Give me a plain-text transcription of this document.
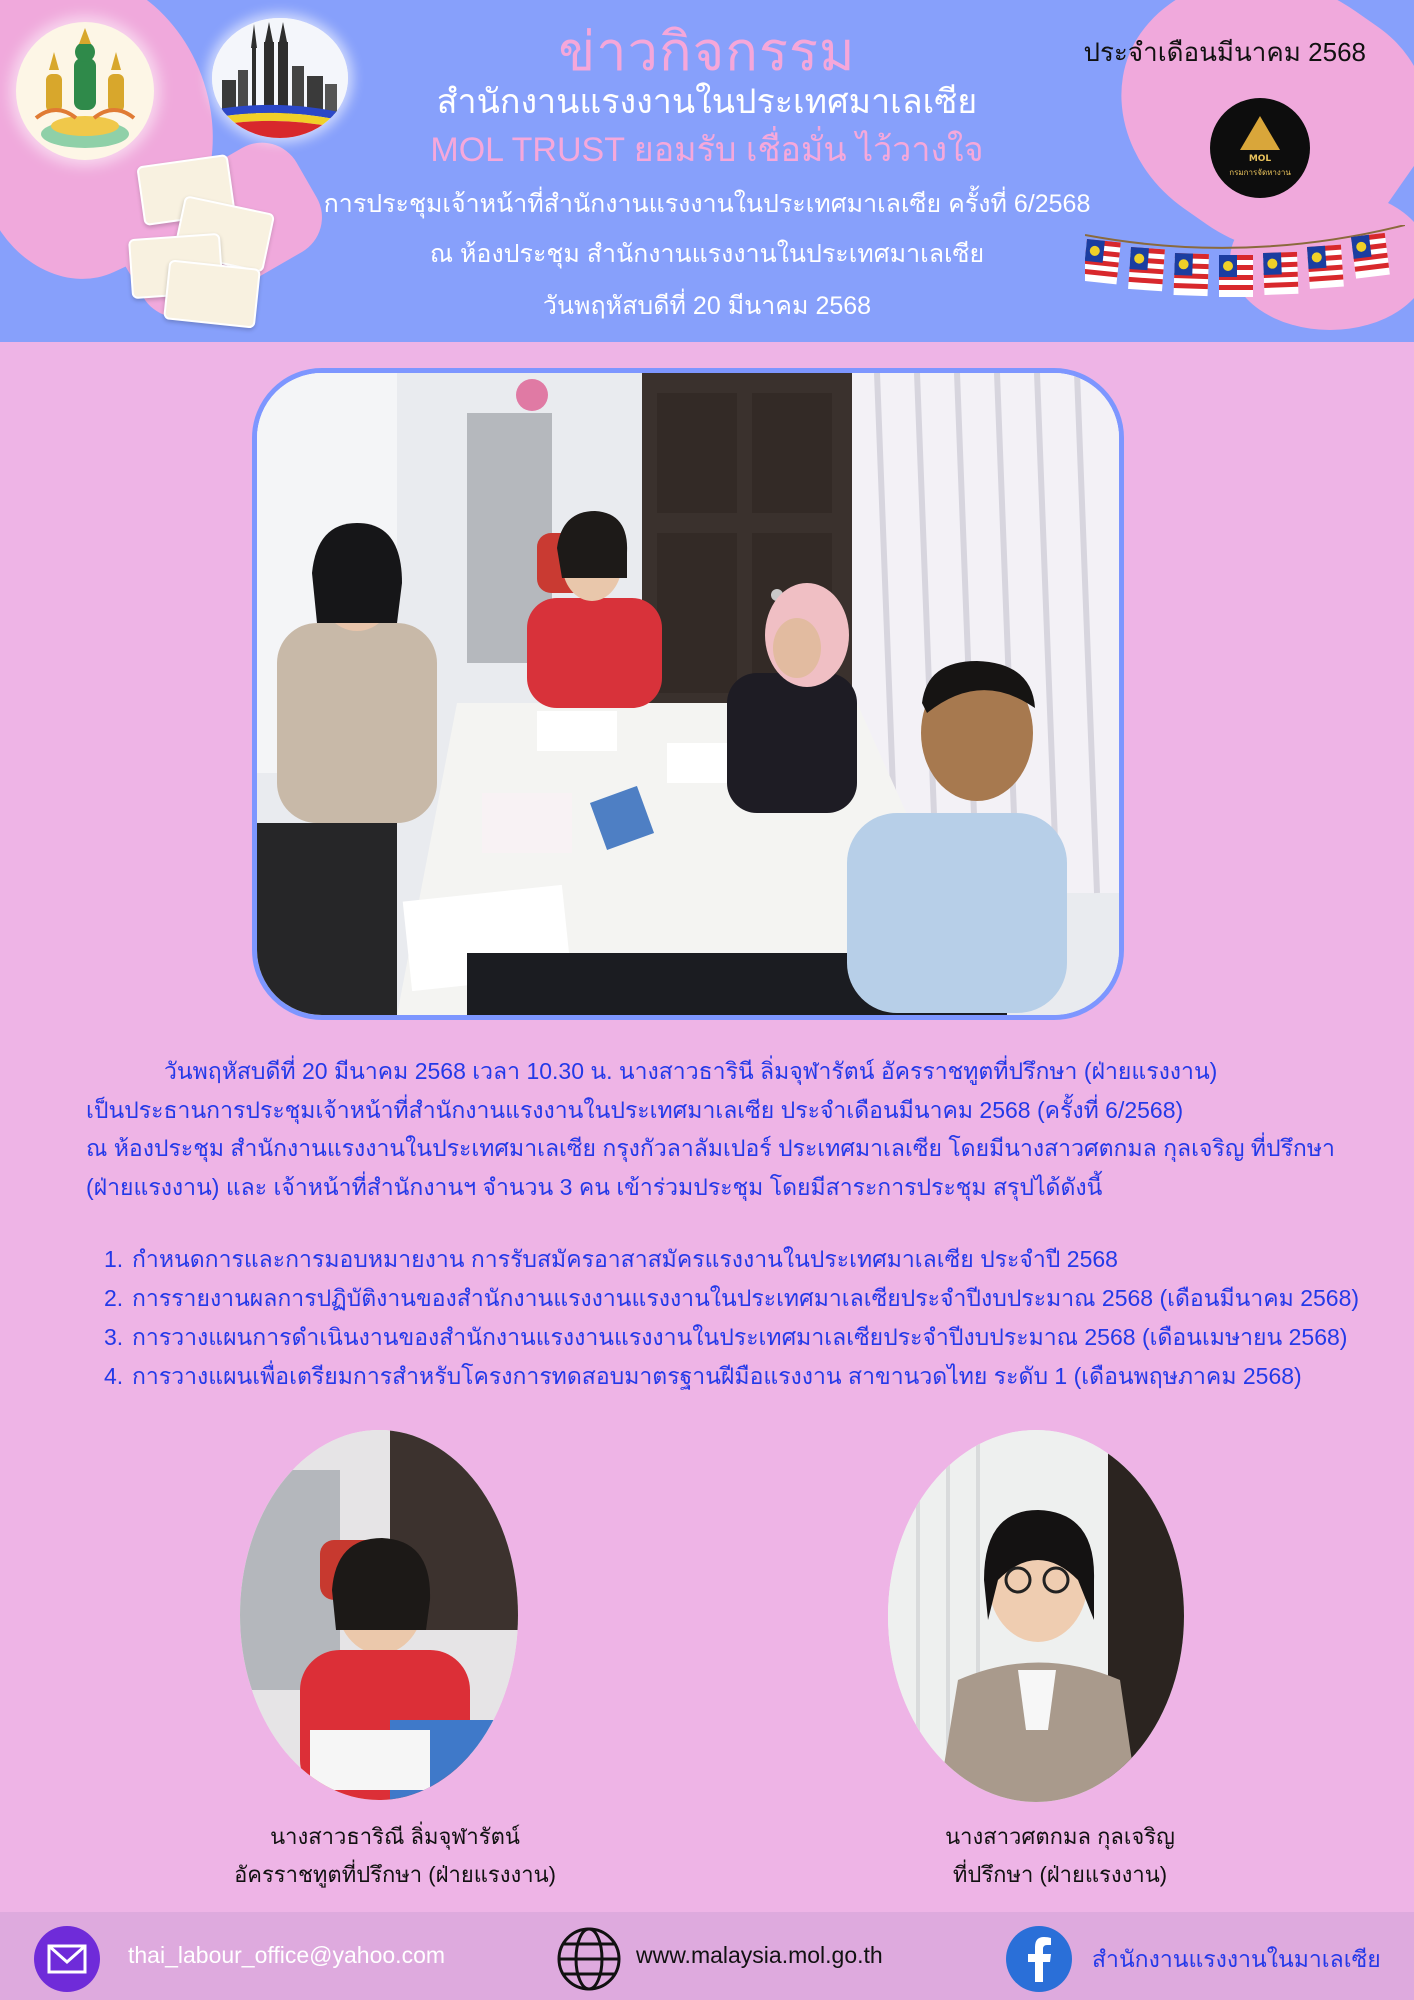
MOL
กรมการจัดหางาน
ข่าวกิจกรรม
สำนักงานแรงงานในประเทศมาเลเซีย
MOL TRUST ยอมรับ เชื่อมั่น ไว้วางใจ
การประชุมเจ้าหน้าที่สำนักงานแรงงานในประเทศมาเลเซีย ครั้งที่ 6/2568
ณ ห้องประชุม สำนักงานแรงงานในประเทศมาเลเซีย
วันพฤหัสบดีที่ 20 มีนาคม 2568
ประจำเดือนมีนาคม 2568

วันพฤหัสบดีที่ 20 มีนาคม 2568 เวลา 10.30 น. นางสาวธารินี ลิ่มจุฬารัตน์ อัครราชทูตที่ปรึกษา (ฝ่ายแรงงาน)

เป็นประธานการประชุมเจ้าหน้าที่สำนักงานแรงงานในประเทศมาเลเซีย ประจำเดือนมีนาคม 2568 (ครั้งที่ 6/2568)

ณ ห้องประชุม สำนักงานแรงงานในประเทศมาเลเซีย กรุงกัวลาลัมเปอร์ ประเทศมาเลเซีย โดยมีนางสาวศตกมล กุลเจริญ ที่ปรึกษา

(ฝ่ายแรงงาน) และ เจ้าหน้าที่สำนักงานฯ จำนวน 3 คน เข้าร่วมประชุม โดยมีสาระการประชุม สรุปได้ดังนี้

1. กำหนดการและการมอบหมายงาน การรับสมัครอาสาสมัครแรงงานในประเทศมาเลเซีย ประจำปี 2568
2. การรายงานผลการปฏิบัติงานของสำนักงานแรงงานแรงงานในประเทศมาเลเซียประจำปีงบประมาณ 2568 (เดือนมีนาคม 2568)
3. การวางแผนการดำเนินงานของสำนักงานแรงงานแรงงานในประเทศมาเลเซียประจำปีงบประมาณ 2568 (เดือนเมษายน 2568)
4. การวางแผนเพื่อเตรียมการสำหรับโครงการทดสอบมาตรฐานฝีมือแรงงาน สาขานวดไทย ระดับ 1 (เดือนพฤษภาคม 2568)
นางสาวธาริณี ลิ่มจุฬารัตน์
อัครราชทูตที่ปรึกษา (ฝ่ายแรงงาน)
นางสาวศตกมล กุลเจริญ
ที่ปรึกษา (ฝ่ายแรงงาน)
thai_labour_office@yahoo.com	www.malaysia.mol.go.th	สำนักงานแรงงานในมาเลเซีย
